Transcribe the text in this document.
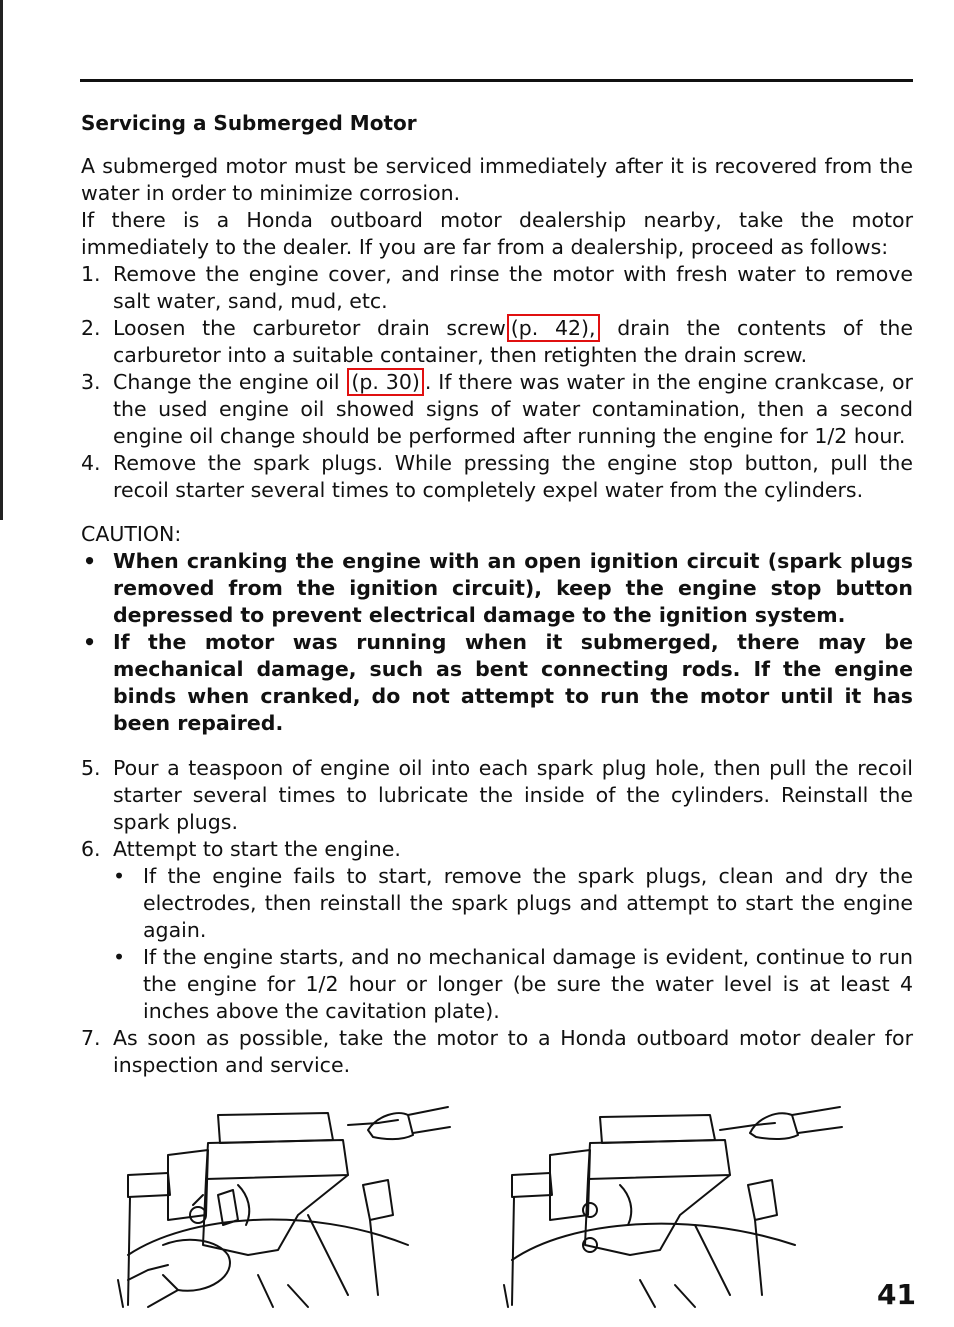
Servicing a Submerged Motor

A submerged motor must be serviced immediately after it is recovered from the water in order to minimize corrosion.

If there is a Honda outboard motor dealership nearby, take the motor immediately to the dealer. If you are far from a dealership, proceed as follows:

1. Remove the engine cover, and rinse the motor with fresh water to remove salt water, sand, mud, etc.
2. Loosen the carburetor drain screw (p. 42), drain the contents of the carburetor into a suitable container, then retighten the drain screw.
3. Change the engine oil (p. 30) . If there was water in the engine crankcase, or the used engine oil showed signs of water contamination, then a second engine oil change should be performed after running the engine for 1/2 hour.
4. Remove the spark plugs. While pressing the engine stop button, pull the recoil starter several times to completely expel water from the cylinders.
CAUTION:
• When cranking the engine with an open ignition circuit (spark plugs removed from the ignition circuit), keep the engine stop button depressed to prevent electrical damage to the ignition system.
• If the motor was running when it submerged, there may be mechanical damage, such as bent connecting rods. If the engine binds when cranked, do not attempt to run the motor until it has been repaired.
5. Pour a teaspoon of engine oil into each spark plug hole, then pull the recoil starter several times to lubricate the inside of the cylinders. Reinstall the spark plugs.
6. Attempt to start the engine.
• If the engine fails to start, remove the spark plugs, clean and dry the electrodes, then reinstall the spark plugs and attempt to start the engine again.
• If the engine starts, and no mechanical damage is evident, continue to run the engine for 1/2 hour or longer (be sure the water level is at least 4 inches above the cavitation plate).
7. As soon as possible, take the motor to a Honda outboard motor dealer for inspection and service.
41
